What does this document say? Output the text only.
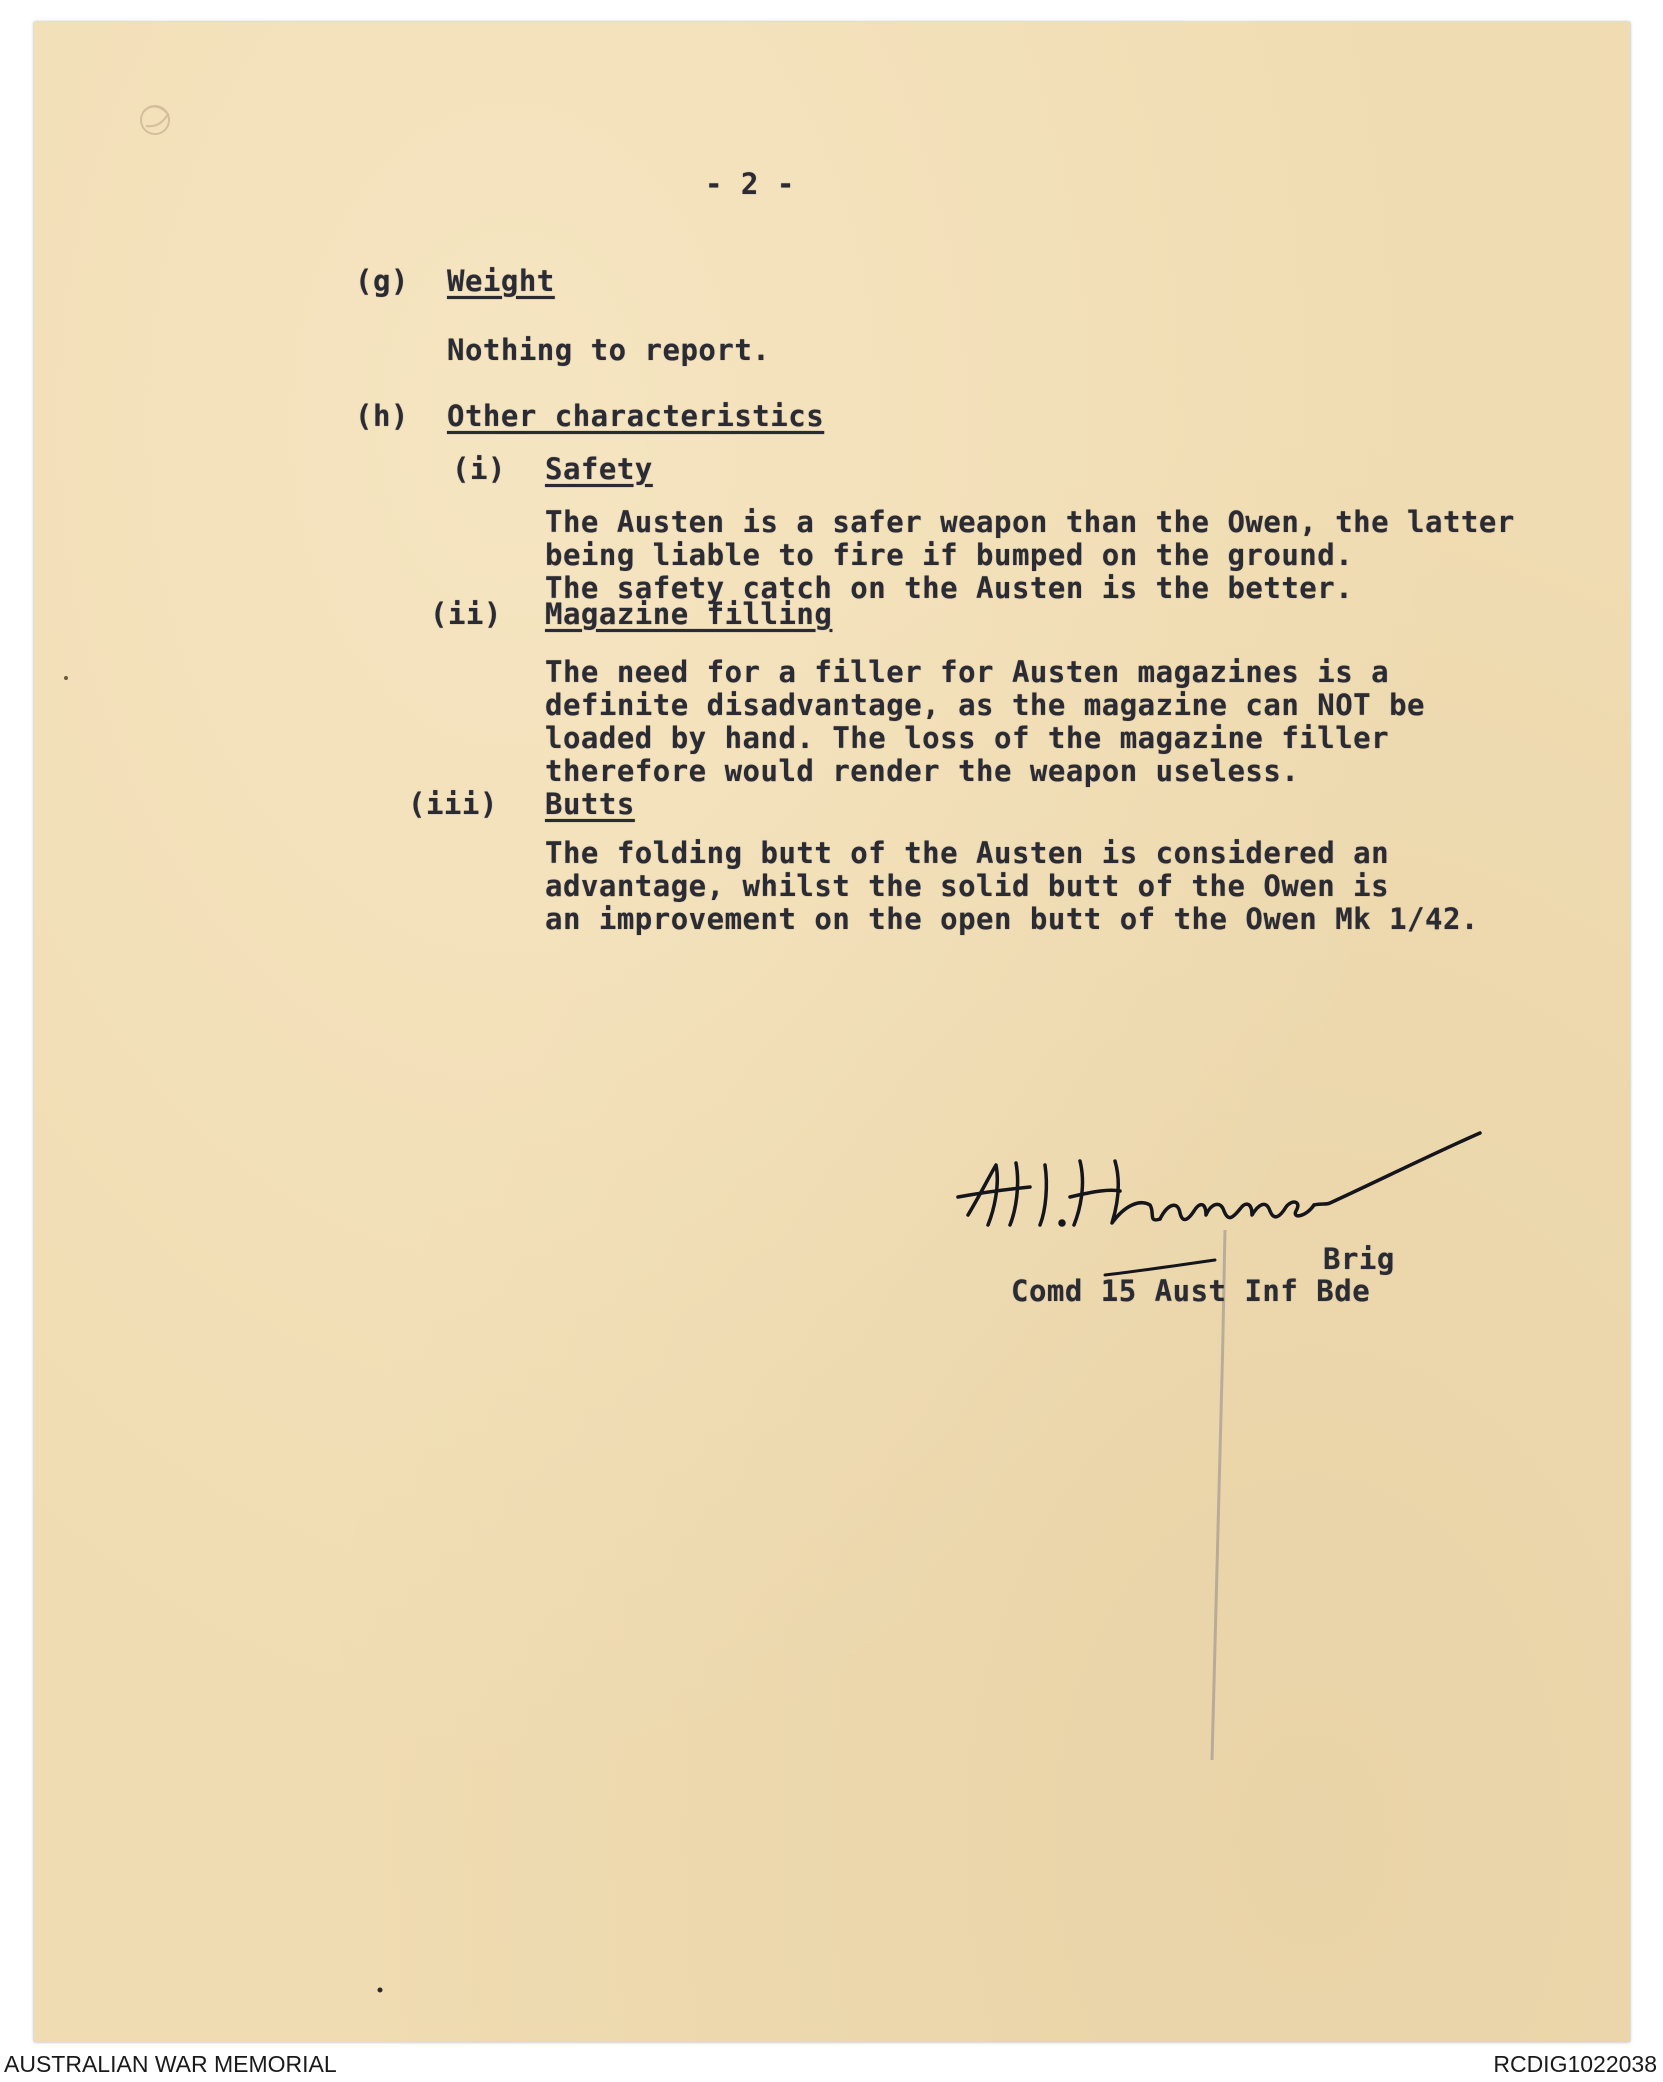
- 2 -
(g) Weight
Nothing to report.
(h) Other characteristics
(i) Safety
The Austen is a safer weapon than the Owen, the latter
being liable to fire if bumped on the ground.
The safety catch on the Austen is the better.
(ii) Magazine filling
The need for a filler for Austen magazines is a
definite disadvantage, as the magazine can NOT be
loaded by hand. The loss of the magazine filler
therefore would render the weapon useless.
(iii) Butts
The folding butt of the Austen is considered an
advantage, whilst the solid butt of the Owen is
an improvement on the open butt of the Owen Mk 1/42.
Brig
Comd 15 Aust Inf Bde
AUSTRALIAN WAR MEMORIAL	RCDIG1022038
